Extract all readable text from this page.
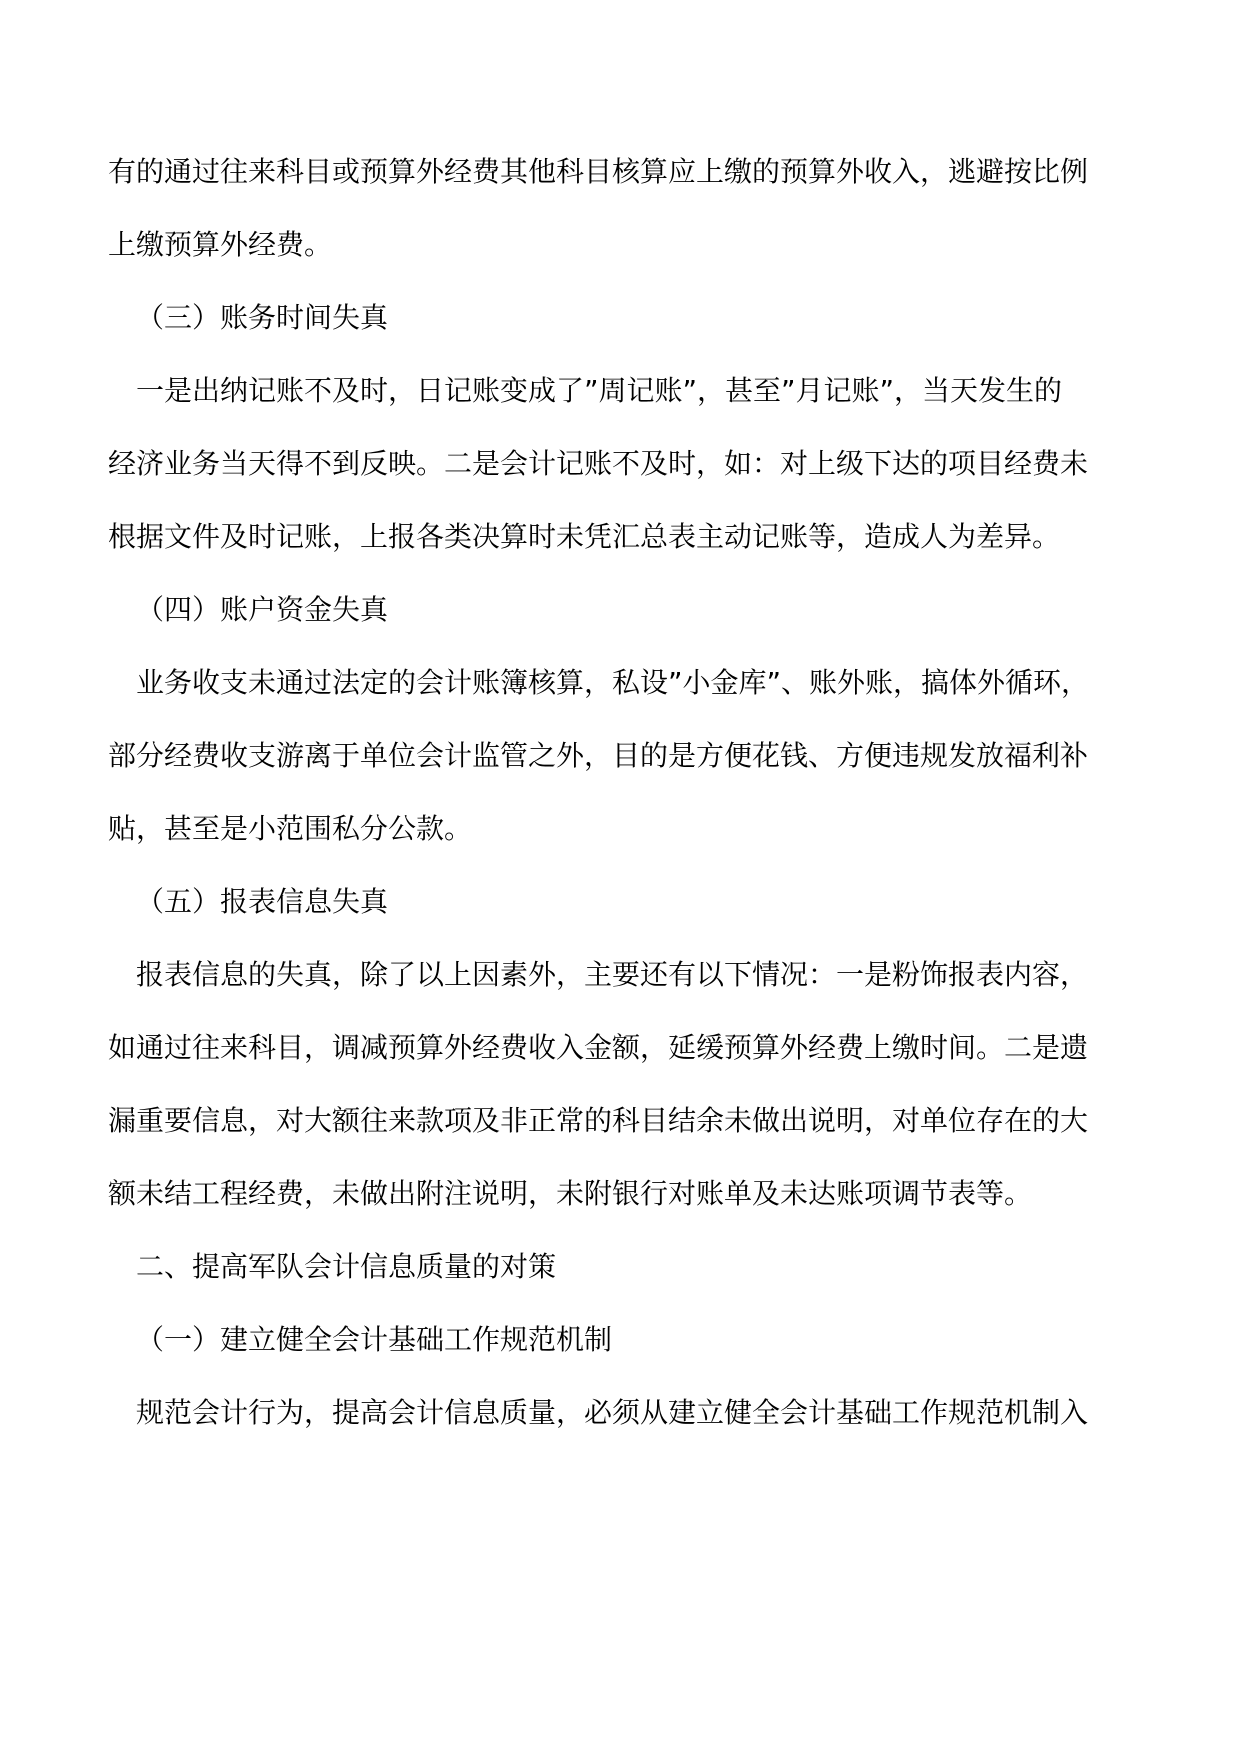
有的通过往来科目或预算外经费其他科目核算应上缴的预算外收入，逃避按比例
上缴预算外经费。
（三）账务时间失真
一是出纳记账不及时，日记账变成了”周记账”，甚至”月记账”，当天发生的
经济业务当天得不到反映。二是会计记账不及时，如：对上级下达的项目经费未
根据文件及时记账，上报各类决算时未凭汇总表主动记账等，造成人为差异。
（四）账户资金失真
业务收支未通过法定的会计账簿核算，私设”小金库”、账外账，搞体外循环，
部分经费收支游离于单位会计监管之外，目的是方便花钱、方便违规发放福利补
贴，甚至是小范围私分公款。
（五）报表信息失真
报表信息的失真，除了以上因素外，主要还有以下情况：一是粉饰报表内容，
如通过往来科目，调减预算外经费收入金额，延缓预算外经费上缴时间。二是遗
漏重要信息，对大额往来款项及非正常的科目结余未做出说明，对单位存在的大
额未结工程经费，未做出附注说明，未附银行对账单及未达账项调节表等。
二、提高军队会计信息质量的对策
（一）建立健全会计基础工作规范机制
规范会计行为，提高会计信息质量，必须从建立健全会计基础工作规范机制入
